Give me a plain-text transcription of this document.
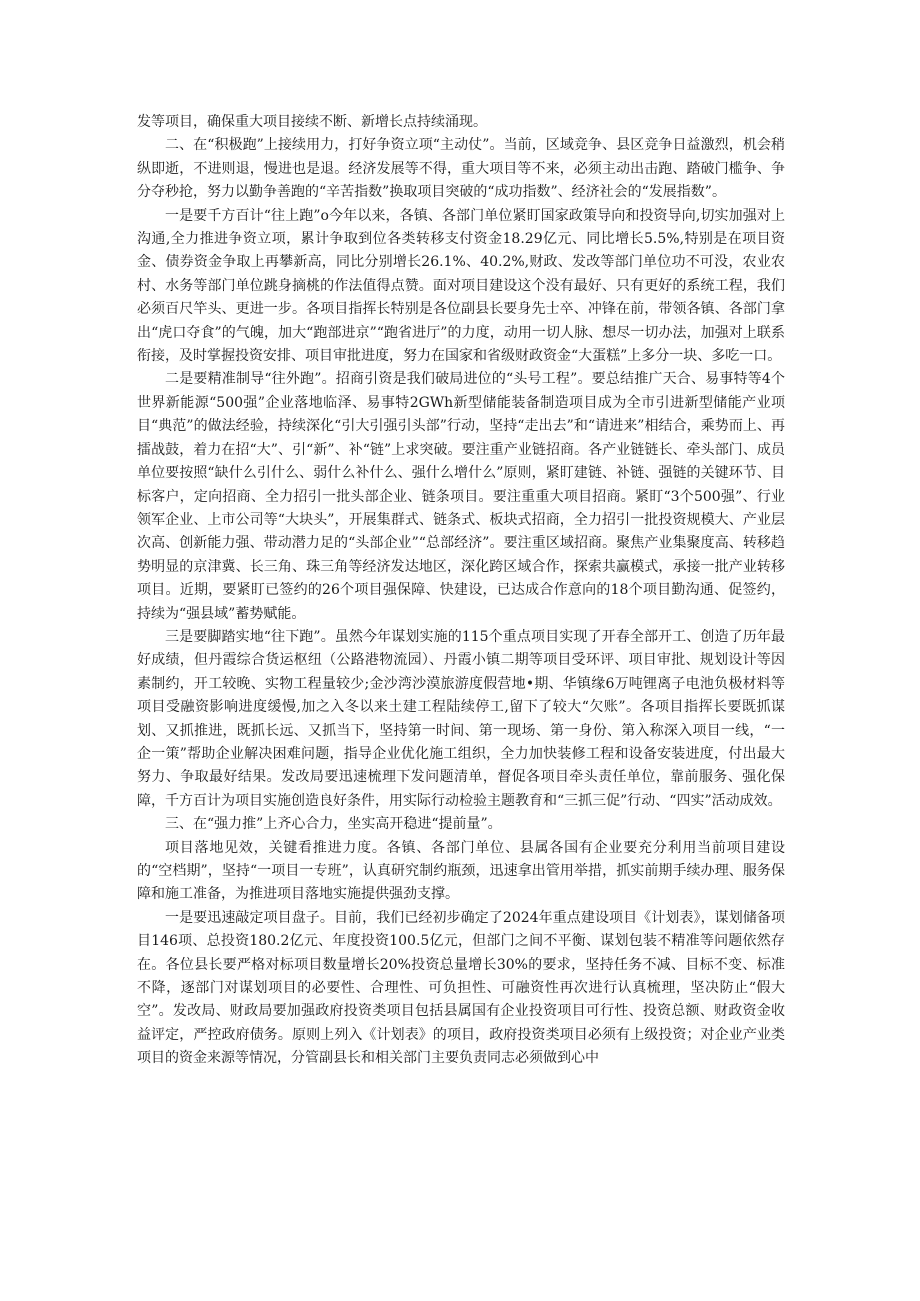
发等项目，确保重大项目接续不断、新增长点持续涌现。

二、在“积极跑”上接续用力，打好争资立项“主动仗”。当前，区域竞争、县区竞争日益激烈，机会稍纵即逝，不进则退，慢进也是退。经济发展等不得，重大项目等不来，必须主动出击跑、踏破门槛争、争分夺秒抢，努力以勤争善跑的“辛苦指数”换取项目突破的“成功指数”、经济社会的“发展指数”。

一是要千方百计“往上跑”o今年以来，各镇、各部门单位紧盯国家政策导向和投资导向,切实加强对上沟通,全力推进争资立项，累计争取到位各类转移支付资金18.29亿元、同比增长5.5%,特别是在项目资金、债券资金争取上再攀新高，同比分别增长26.1%、40.2%,财政、发改等部门单位功不可没，农业农村、水务等部门单位跳身摘桃的作法值得点赞。面对项目建设这个没有最好、只有更好的系统工程，我们必须百尺竿头、更进一步。各项目指挥长特别是各位副县长要身先士卒、冲锋在前，带领各镇、各部门拿出“虎口夺食”的气魄，加大“跑部进京”“跑省进厅”的力度，动用一切人脉、想尽一切办法，加强对上联系衔接，及时掌握投资安排、项目审批进度，努力在国家和省级财政资金“大蛋糕”上多分一块、多吃一口。

二是要精准制导“往外跑”。招商引资是我们破局进位的“头号工程”。要总结推广天合、易事特等4个世界新能源“500强”企业落地临泽、易事特2GWh新型储能装备制造项目成为全市引进新型储能产业项目“典范”的做法经验，持续深化“引大引强引头部”行动，坚持“走出去”和“请进来”相结合，乘势而上、再擂战鼓，着力在招“大”、引“新”、补“链”上求突破。要注重产业链招商。各产业链链长、牵头部门、成员单位要按照“缺什么引什么、弱什么补什么、强什么增什么”原则，紧盯建链、补链、强链的关键环节、目标客户，定向招商、全力招引一批头部企业、链条项目。要注重重大项目招商。紧盯“3个500强”、行业领军企业、上市公司等“大块头”，开展集群式、链条式、板块式招商，全力招引一批投资规模大、产业层次高、创新能力强、带动潜力足的“头部企业”“总部经济”。要注重区域招商。聚焦产业集聚度高、转移趋势明显的京津冀、长三角、珠三角等经济发达地区，深化跨区域合作，探索共赢模式，承接一批产业转移项目。近期，要紧盯已签约的26个项目强保障、快建设，已达成合作意向的18个项目勤沟通、促签约，持续为“强县域”蓄势赋能。

三是要脚踏实地“往下跑”。虽然今年谋划实施的115个重点项目实现了开春全部开工、创造了历年最好成绩，但丹霞综合货运枢纽（公路港物流园）、丹霞小镇二期等项目受环评、项目审批、规划设计等因素制约，开工较晚、实物工程量较少;金沙湾沙漠旅游度假营地•期、华镇缘6万吨锂离子电池负极材料等项目受融资影响进度缓慢,加之入冬以来土建工程陆续停工,留下了较大“欠账”。各项目指挥长要既抓谋划、又抓推进，既抓长远、又抓当下，坚持第一时间、第一现场、第一身份、第入称深入项目一线，“一企一策”帮助企业解决困难问题，指导企业优化施工组织，全力加快装修工程和设备安装进度，付出最大努力、争取最好结果。发改局要迅速梳理下发问题清单，督促各项目牵头责任单位，靠前服务、强化保障，千方百计为项目实施创造良好条件，用实际行动检验主题教育和“三抓三促”行动、“四实”活动成效。

三、在“强力推”上齐心合力，坐实高开稳进“提前量”。

项目落地见效，关键看推进力度。各镇、各部门单位、县属各国有企业要充分利用当前项目建设的“空档期”，坚持“一项目一专班”，认真研究制约瓶颈，迅速拿出管用举措，抓实前期手续办理、服务保障和施工准备，为推进项目落地实施提供强劲支撑。

一是要迅速敲定项目盘子。目前，我们已经初步确定了2024年重点建设项目《计划表》，谋划储备项目146项、总投资180.2亿元、年度投资100.5亿元，但部门之间不平衡、谋划包装不精准等问题依然存在。各位县长要严格对标项目数量增长20%投资总量增长30%的要求，坚持任务不减、目标不变、标准不降，逐部门对谋划项目的必要性、合理性、可负担性、可融资性再次进行认真梳理，坚决防止“假大空”。发改局、财政局要加强政府投资类项目包括县属国有企业投资项目可行性、投资总额、财政资金收益评定，严控政府债务。原则上列入《计划表》的项目，政府投资类项目必须有上级投资；对企业产业类项目的资金来源等情况，分管副县长和相关部门主要负责同志必须做到心中
